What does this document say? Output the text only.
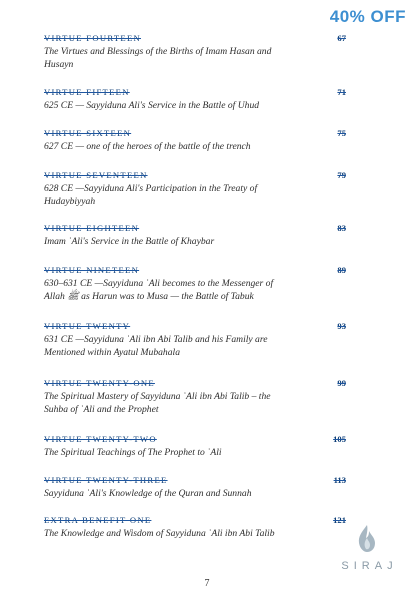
40% OFF
VIRTUE FOURTEEN	67
The Virtues and Blessings of the Births of Imam Hasan and Husayn
VIRTUE FIFTEEN	71
625 CE — Sayyiduna Ali's Service in the Battle of Uhud
VIRTUE SIXTEEN	75
627 CE — one of the heroes of the battle of the trench
VIRTUE SEVENTEEN	79
628 CE —Sayyiduna Ali's Participation in the Treaty of Hudaybiyyah
VIRTUE EIGHTEEN	83
Imam ʿAli's Service in the Battle of Khaybar
VIRTUE NINETEEN	89
630–631 CE —Sayyiduna ʿAli becomes to the Messenger of Allah ﷺ as Harun was to Musa — the Battle of Tabuk
VIRTUE TWENTY	93
631 CE —Sayyiduna ʿAli ibn Abi Talib and his Family are Mentioned within Ayatul Mubahala
VIRTUE TWENTY-ONE	99
The Spiritual Mastery of Sayyiduna ʿAli ibn Abi Talib – the Suhba of ʿAli and the Prophet
VIRTUE TWENTY-TWO	105
The Spiritual Teachings of The Prophet to ʿAli
VIRTUE TWENTY-THREE	113
Sayyiduna ʿAli's Knowledge of the Quran and Sunnah
EXTRA BENEFIT ONE	121
The Knowledge and Wisdom of Sayyiduna ʿAli ibn Abi Talib
SIRAJ
7
